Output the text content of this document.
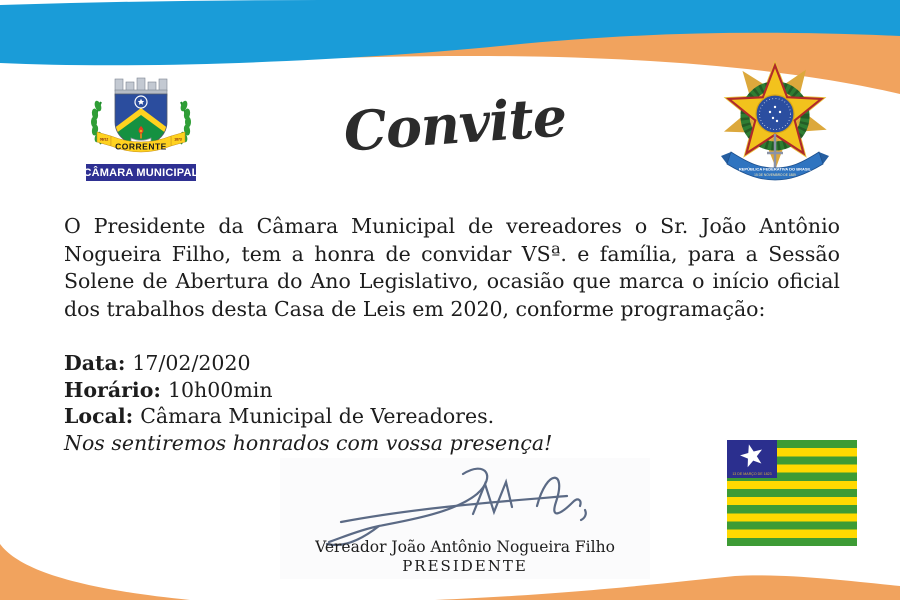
08/12	1873
CORRENTE
CÂMARA MUNICIPAL
Convite
REPÚBLICA FEDERATIVA DO BRASIL
15 DE NOVEMBRO DE 1889
O Presidente da Câmara Municipal de vereadores o Sr. João Antônio
Nogueira Filho, tem a honra de convidar VSª. e família, para a Sessão
Solene de Abertura do Ano Legislativo, ocasião que marca o início oficial
dos trabalhos desta Casa de Leis em 2020, conforme programação:
Data: 17/02/2020
Horário: 10h00min
Local: Câmara Municipal de Vereadores.
Nos sentiremos honrados com vossa presença!
Vereador João Antônio Nogueira Filho
PRESIDENTE
13 DE MARÇO DE 1823
